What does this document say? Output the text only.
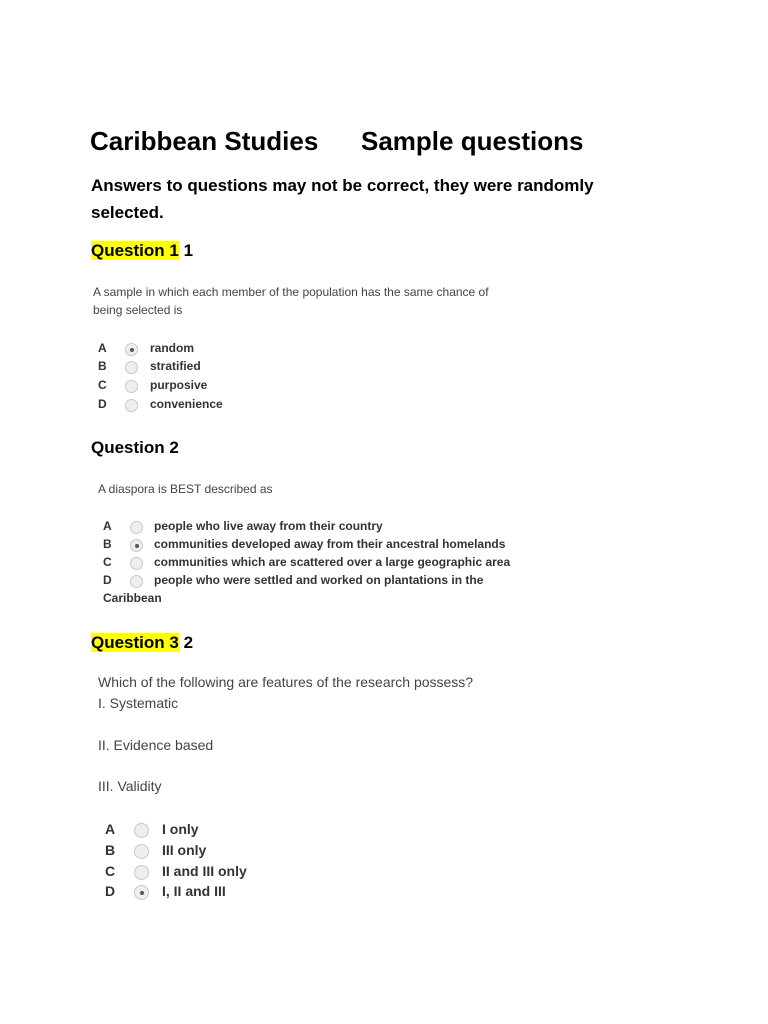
Caribbean Studies Sample questions
Answers to questions may not be correct, they were randomly
selected.
Question 1 1
A sample in which each member of the population has the same chance of
being selected is
A	random
B	stratified
C	purposive
D	convenience
Question 2
A diaspora is BEST described as
A	people who live away from their country
B	communities developed away from their ancestral homelands
C	communities which are scattered over a large geographic area
D	people who were settled and worked on plantations in the
Caribbean
Question 3 2
Which of the following are features of the research possess?
I. Systematic
II. Evidence based
III. Validity
A	I only
B	III only
C	II and III only
D	I, II and III
